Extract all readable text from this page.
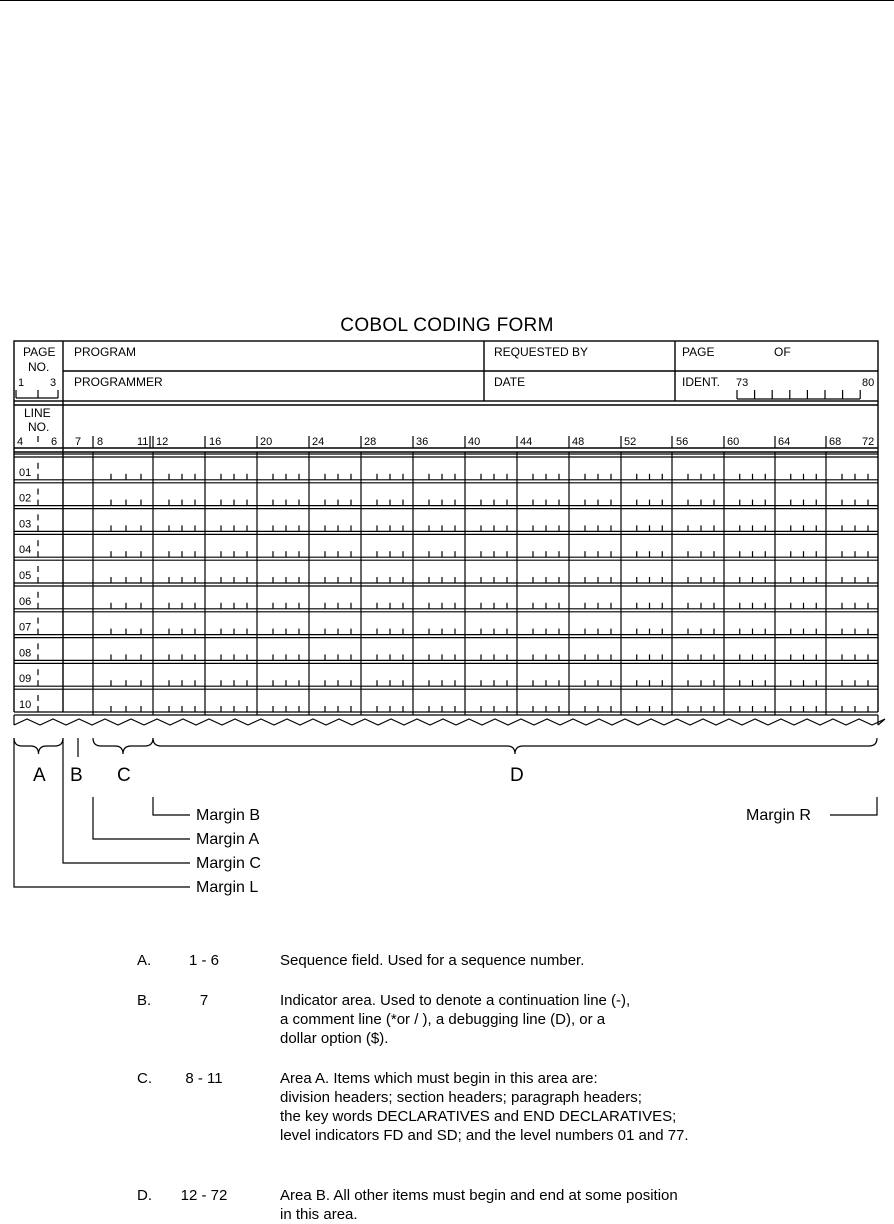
COBOL CODING FORM
PAGE
NO.
1 3
PROGRAM	REQUESTED BY	PAGE	OF
PROGRAMMER	DATE	IDENT. 73	80
LINE
NO.
4	6 7 8	11 12	16	20	24	28	36	40	44	48	52	56	60	64	68 72
01
02
03
04
05
06
07
08
09
10
A B C	D
Margin B
Margin A
Margin C
Margin L
Margin R
A.	1 - 6	Sequence field. Used for a sequence number.
B.	7	Indicator area. Used to denote a continuation line (-),
a comment line (*or / ), a debugging line (D), or a
dollar option ($).
C.	8 - 11	Area A. Items which must begin in this area are:
division headers; section headers; paragraph headers;
the key words DECLARATIVES and END DECLARATIVES;
level indicators FD and SD; and the level numbers 01 and 77.
D.	12 - 72	Area B. All other items must begin and end at some position
in this area.
